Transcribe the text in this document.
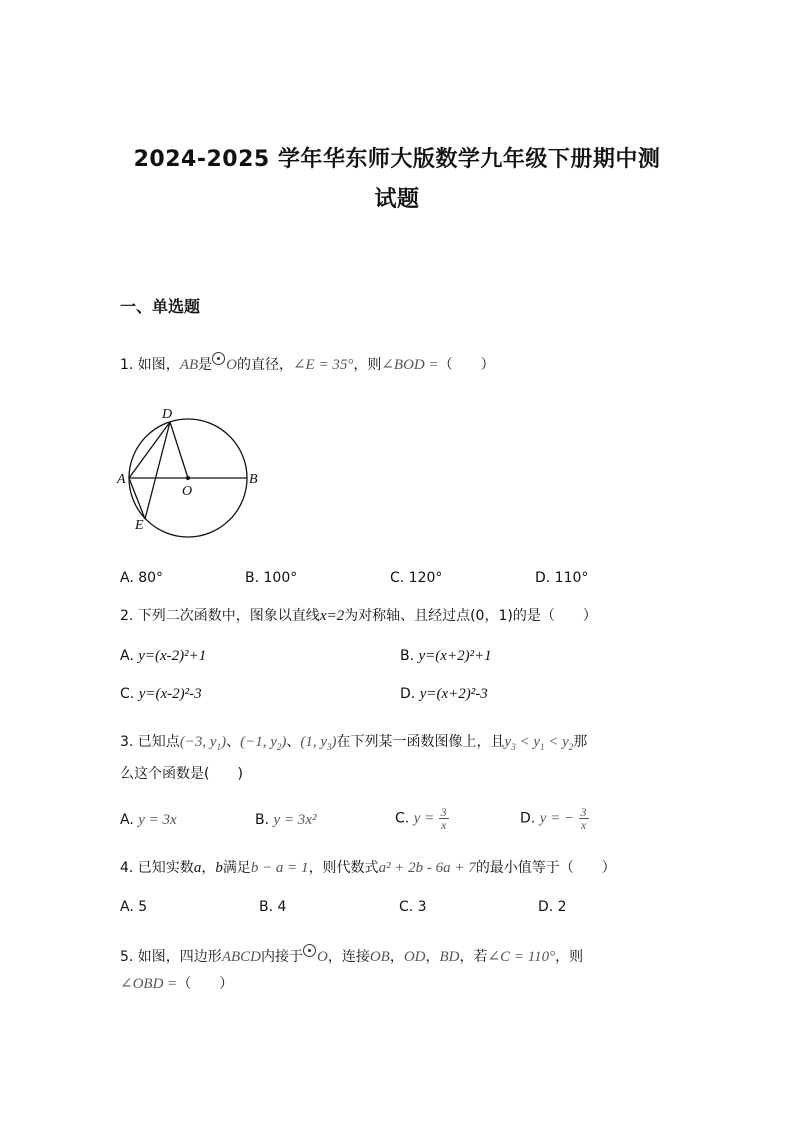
2024-2025 学年华东师大版数学九年级下册期中测
试题
一、单选题
1. 如图，AB是 O的直径，∠E = 35°，则∠BOD =（　　）
D
A
O
B
E
A. 80°	B. 100°	C. 120°	D. 110°
2. 下列二次函数中，图象以直线x=2为对称轴、且经过点(0，1)的是（　　）
A. y=(x-2)²+1	B. y=(x+2)²+1
C. y=(x-2)²-3	D. y=(x+2)²-3
3. 已知点(−3, $y_1$)、(−1, $y_2$)、(1, $y_3$)在下列某一函数图像上，且$y_3 < y_1 < y_2$那
么这个函数是(　　)
A. y = 3x	B. y = 3x²	C. $y = \frac{3}{x}$	D. y = − $\frac{3}{x}$
4. 已知实数a，b满足b − a = 1，则代数式a² + 2b - 6a + 7的最小值等于（　　）
A. 5	B. 4	C. 3	D. 2
5. 如图，四边形ABCD内接于 O，连接OB，OD，BD，若∠C = 110°，则
∠OBD =（　　）
